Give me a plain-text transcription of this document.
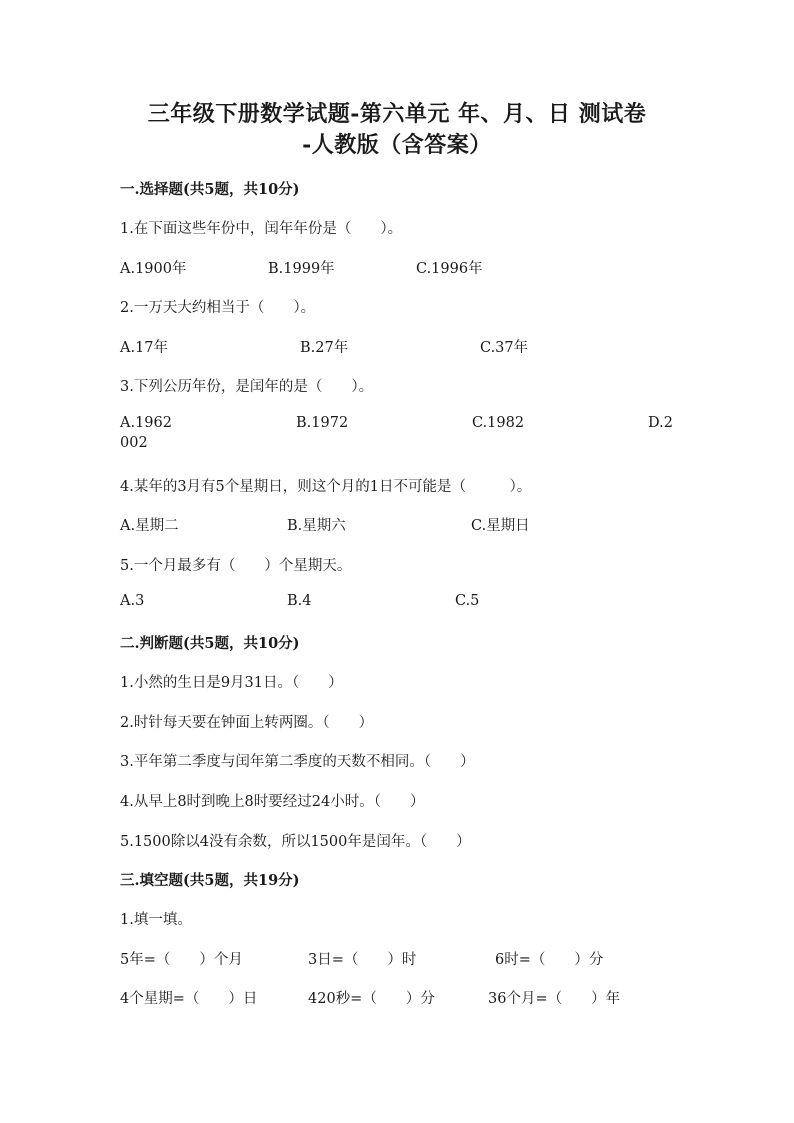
三年级下册数学试题-第六单元 年、月、日 测试卷
-人教版（含答案）
一.选择题(共5题，共10分)
1.在下面这些年份中，闰年年份是（　　）。
A.1900年	B.1999年	C.1996年
2.一万天大约相当于（　　）。
A.17年	B.27年	C.37年
3.下列公历年份，是闰年的是（　　）。
A.1962	B.1972	C.1982	D.2
002
4.某年的3月有5个星期日，则这个月的1日不可能是（　　　）。
A.星期二	B.星期六	C.星期日
5.一个月最多有（　　）个星期天。
A.3	B.4	C.5
二.判断题(共5题，共10分)
1.小然的生日是9月31日。（　　）
2.时针每天要在钟面上转两圈。（　　）
3.平年第二季度与闰年第二季度的天数不相同。（　　）
4.从早上8时到晚上8时要经过24小时。（　　）
5.1500除以4没有余数，所以1500年是闰年。（　　）
三.填空题(共5题，共19分)
1.填一填。
5年=（　　）个月	3日=（　　）时	6时=（　　）分
4个星期=（　　）日	420秒=（　　）分	36个月=（　　）年
